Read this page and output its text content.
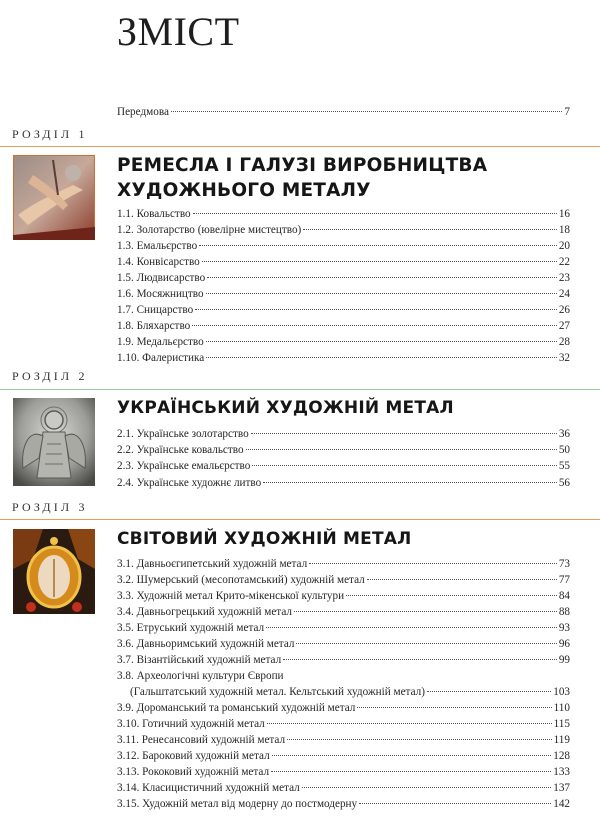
ЗМІСТ
Передмова	7
РОЗДІЛ 1
РЕМЕСЛА І ГАЛУЗІ ВИРОБНИЦТВА
ХУДОЖНЬОГО МЕТАЛУ
1.1. Ковальство	16
1.2. Золотарство (ювелірне мистецтво)	18
1.3. Емальєрство	20
1.4. Конвісарство	22
1.5. Людвисарство	23
1.6. Мосяжництво	24
1.7. Сницарство	26
1.8. Бляхарство	27
1.9. Медальєрство	28
1.10. Фалеристика	32
РОЗДІЛ 2
УКРАЇНСЬКИЙ ХУДОЖНІЙ МЕТАЛ
2.1. Українське золотарство	36
2.2. Українське ковальство	50
2.3. Українське емальєрство	55
2.4. Українське художнє литво	56
РОЗДІЛ 3
СВІТОВИЙ ХУДОЖНІЙ МЕТАЛ
3.1. Давньоєгипетський художній метал	73
3.2. Шумерський (месопотамський) художній метал	77
3.3. Художній метал Крито-мікенської культури	84
3.4. Давньогрецький художній метал	88
3.5. Етруський художній метал	93
3.6. Давньоримський художній метал	96
3.7. Візантійський художній метал	99
3.8. Археологічні культури Європи
(Гальштатський художній метал. Кельтський художній метал)	103
3.9. Дороманський та романський художній метал	110
3.10. Готичний художній метал	115
3.11. Ренесансовий художній метал	119
3.12. Бароковий художній метал	128
3.13. Рококовий художній метал	133
3.14. Класицистичний художній метал	137
3.15. Художній метал від модерну до постмодерну	142
